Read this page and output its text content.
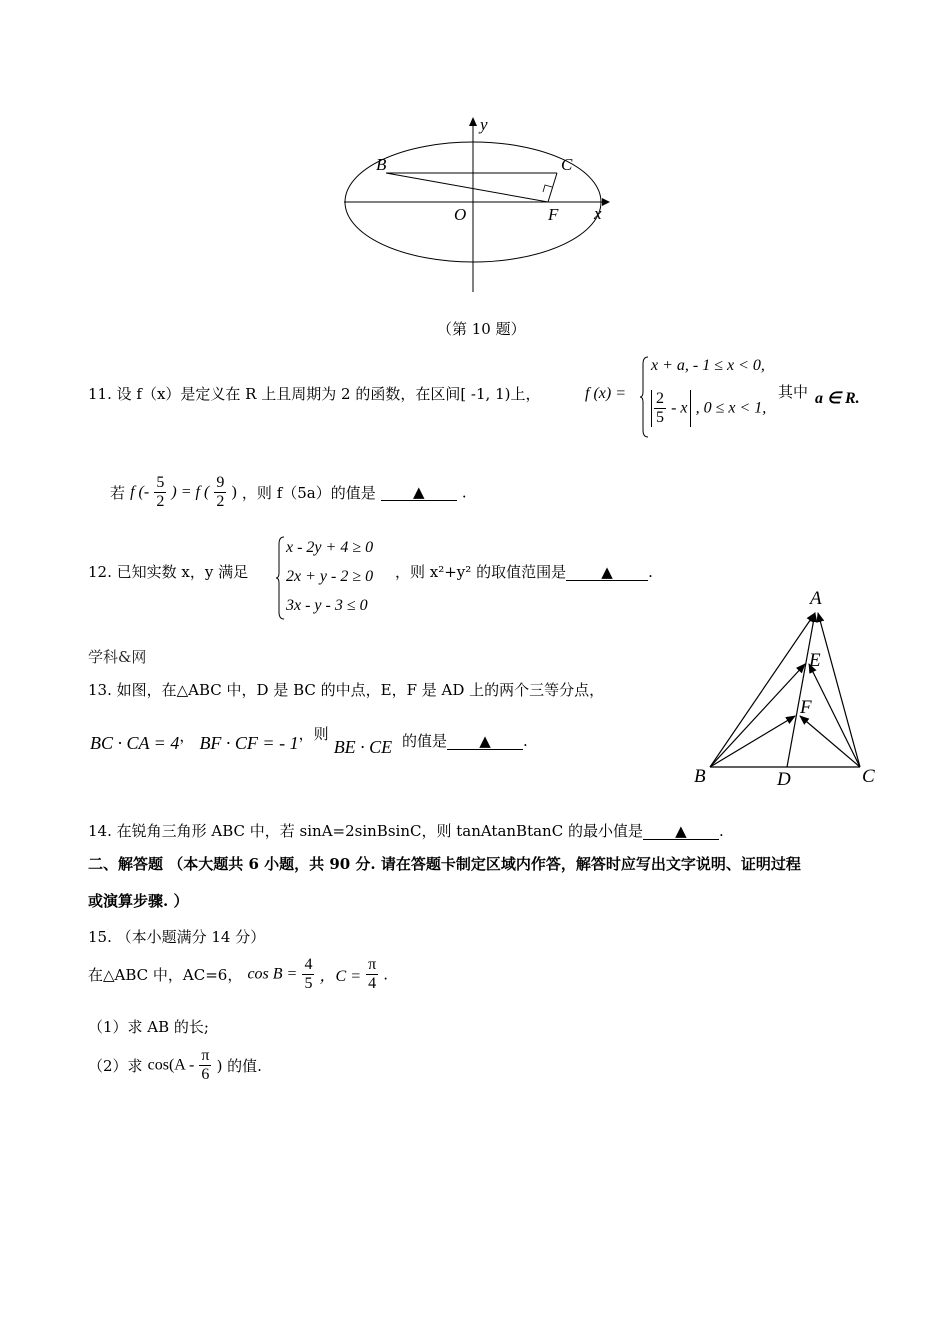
y
x
B	C
O	F
（第 10 题）
11. 设 f（x）是定义在 R 上且周期为 2 的函数，在区间[ -1, 1)上，	f (x) =
x + a, - 1 ≤ x < 0,
$\frac{2}{5}$ - x , 0 ≤ x < 1,
其中 a ∈ R.
若 f (- $\frac{5}{2}$ ) = f ( $\frac{9}{2}$ ) ，则 f（5a）的值是 ▲ .
12. 已知实数 x，y 满足
x - 2y + 4 ≥ 0
2x + y - 2 ≥ 0
3x - y - 3 ≤ 0
，则 x²+y² 的取值范围是 ▲ .
A
E
F
B	D	C
学科&网
13. 如图，在△ABC 中，D 是 BC 的中点，E，F 是 AD 上的两个三等分点，
BC · CA = 4， BF · CF = - 1，则 BE · CE 的值是 ▲ .
14. 在锐角三角形 ABC 中，若 sinA=2sinBsinC，则 tanAtanBtanC 的最小值是 ▲ .
二、解答题 （本大题共 6 小题，共 90 分. 请在答题卡制定区域内作答，解答时应写出文字说明、证明过程
或演算步骤. ）
15. （本小题满分 14 分）
在△ABC 中，AC=6， $\cos B = \frac{4}{5}$ ，$C = \frac{\pi}{4}$ .
（1）求 AB 的长;
（2）求 $\cos(A - \frac{\pi}{6}$ ) 的值.
